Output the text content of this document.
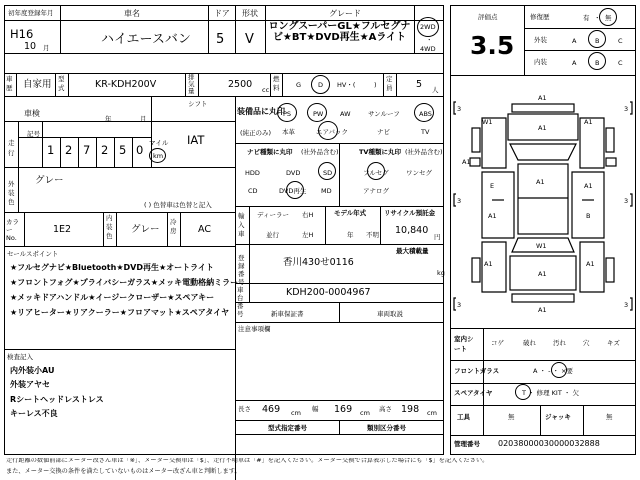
初年度登録年月
H16
10 月
車名
ハイエースバン
ドア
5
形状
V
グレード
ロングスーパーGL★フルセグナビ★BT★DVD再生★Aライト
2WD
・
4WD
車歴 自家用 型式	KR-KDH200V
排気量
2500 cc
燃料	G	D HV・(	)
定員 5 人
車検
年	月
シフト
IAT
走行
記号
1 2 7 2 5 0 マイル
km
外装色
グレー
( ) 色替車は色替と記入
カラーNo.
1E2
内装色
グレー
冷房 AC
セールスポイント
★フルセグナビ★Bluetooth★DVD再生★オートライト
★フロントフォグ★プライバシーガラス★メッキ電動格納ミラー
★メッキドアハンドル★イージークローザー★スペアキー
★リアヒーター★リアクーラー★フロアマット★スペアタイヤ
検査記入
内外装小AU
外装アヤセ
Rシートヘッドレストレス
キーレス不良
装備品に丸印
(純正のみ)
PS	PW	AW	サンルーフ	ABS
本革	エアバック	ナビ	TV
ナビ種類に丸印 (社外品含む)
HDD	DVD	SD
CD	DVD再生 MD
TV種類に丸印 (社外品含む)
フルセグ	ワンセグ
アナログ
輸入車
ディーラー 右H
並行	左H
モデル年式
年 不明
リサイクル預託金
10,840
円
登録番号
香川430せ0116
最大積載量
kg
車台番号
KDH200-0004967
新車保証書	車両取説
注意事項欄
長さ 469 cm 幅 169 cm 高さ 198 cm
型式指定番号	類別区分番号
評価点
3.5
修復歴	有 ・ 無
外装	A	B	C
内装	A	B	C
3	3
3	3
3	3
A1
A1
W1	A1
A1
A1
E	A1
A1	B
A1	A1
A1
W1
A1
室内シート
コゲ	破れ	汚れ	穴	キズ
フロントガラス	A ・ - ・ ×要
スペアタイヤ	T ・ 修理 KIT ・ 欠
工具	無	ジャッキ	無
管理番号 02038000030000032888
走行距離の数値前部にメーター改ざん車は「※」、メーター交換車は「$」、走行不明車は「#」を記入ください。メーター交換で合算表示した場合にも「$」を記入ください。
また、メーター交換の条件を満たしていないものはメーター改ざん車と判断します。
